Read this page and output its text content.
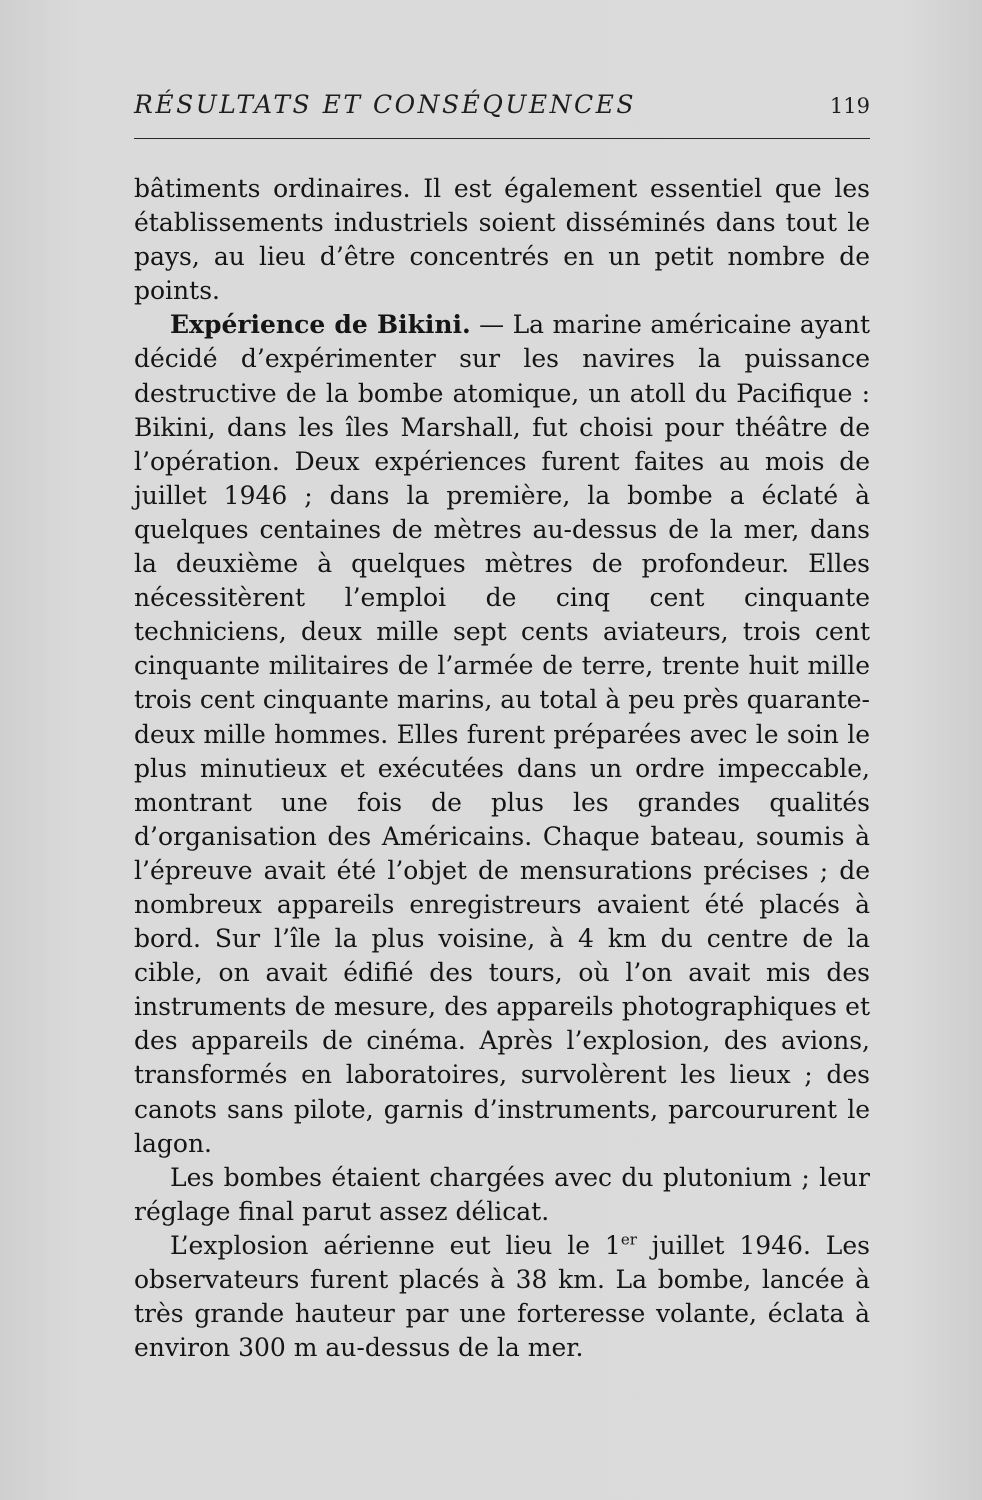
RÉSULTATS ET CONSÉQUENCES	119

bâtiments ordinaires. Il est également essentiel que les établissements industriels soient disséminés dans tout le pays, au lieu d’être concentrés en un petit nombre de points.

Expérience de Bikini. — La marine américaine ayant décidé d’expérimenter sur les navires la puissance destructive de la bombe atomique, un atoll du Pacifique : Bikini, dans les îles Marshall, fut choisi pour théâtre de l’opération. Deux expériences furent faites au mois de juillet 1946 ; dans la première, la bombe a éclaté à quelques centaines de mètres au-dessus de la mer, dans la deuxième à quelques mètres de profondeur. Elles nécessitèrent l’emploi de cinq cent cinquante techniciens, deux mille sept cents aviateurs, trois cent cinquante militaires de l’armée de terre, trente huit mille trois cent cinquante marins, au total à peu près quarante-deux mille hommes. Elles furent préparées avec le soin le plus minutieux et exécutées dans un ordre impeccable, montrant une fois de plus les grandes qualités d’organisation des Américains. Chaque bateau, soumis à l’épreuve avait été l’objet de mensurations précises ; de nombreux appareils enregistreurs avaient été placés à bord. Sur l’île la plus voisine, à 4 km du centre de la cible, on avait édifié des tours, où l’on avait mis des instruments de mesure, des appareils photographiques et des appareils de cinéma. Après l’explosion, des avions, transformés en laboratoires, survolèrent les lieux ; des canots sans pilote, garnis d’instruments, parcoururent le lagon.

Les bombes étaient chargées avec du plutonium ; leur réglage final parut assez délicat.

L’explosion aérienne eut lieu le 1er juillet 1946. Les observateurs furent placés à 38 km. La bombe, lancée à très grande hauteur par une forteresse volante, éclata à environ 300 m au-dessus de la mer.
